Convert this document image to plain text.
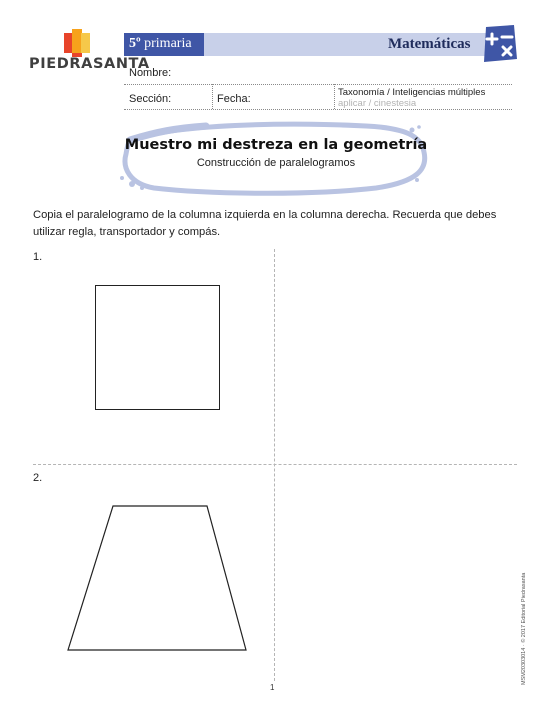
PIEDRASANTA
5º primaria	Matemáticas
Nombre:
Sección:	Fecha:
Taxonomía / Inteligencias múltiples
aplicar / cinestesia
Muestro mi destreza en la geometría
Construcción de paralelogramos
Copia el paralelogramo de la columna izquierda en la columna derecha. Recuerda que debes utilizar regla, transportador y compás.
1.
2.
1
MSM20303014 · © 2017 Editorial Piedrasanta
